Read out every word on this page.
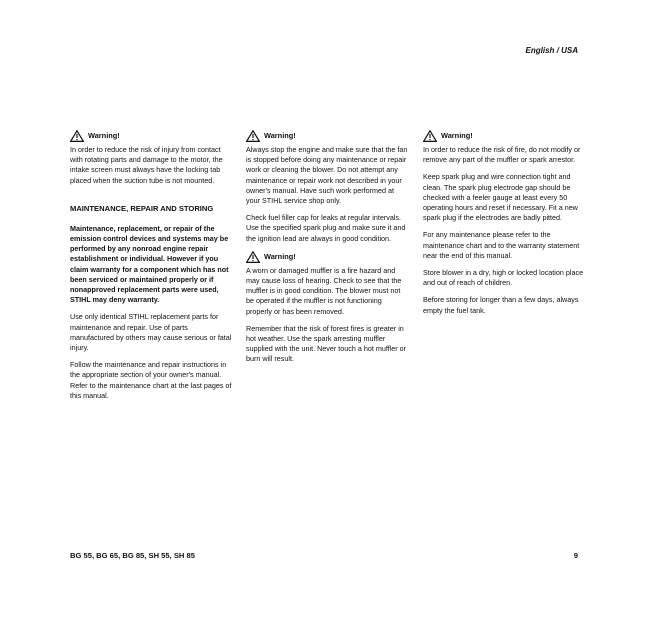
English / USA
Warning!

In order to reduce the risk of injury from contact with rotating parts and damage to the motor, the intake screen must always have the locking tab placed when the suction tube is not mounted.

MAINTENANCE, REPAIR AND STORING

Maintenance, replacement, or repair of the emission control devices and systems may be performed by any nonroad engine repair establishment or individual. However if you claim warranty for a component which has not been serviced or maintained properly or if nonapproved replacement parts were used, STIHL may deny warranty.

Use only identical STIHL replacement parts for maintenance and repair. Use of parts manufactured by others may cause serious or fatal injury.

Follow the maintenance and repair instructions in the appropriate section of your owner's manual. Refer to the maintenance chart at the last pages of this manual.

Warning!

Always stop the engine and make sure that the fan is stopped before doing any maintenance or repair work or cleaning the blower. Do not attempt any maintenance or repair work not described in your owner's manual. Have such work performed at your STIHL service shop only.

Check fuel filler cap for leaks at regular intervals. Use the specified spark plug and make sure it and the ignition lead are always in good condition.

Warning!

A worn or damaged muffler is a fire hazard and may cause loss of hearing. Check to see that the muffler is in good condition. The blower must not be operated if the muffler is not functioning properly or has been removed.

Remember that the risk of forest fires is greater in hot weather. Use the spark arresting muffler supplied with the unit. Never touch a hot muffler or burn will result.

Warning!

In order to reduce the risk of fire, do not modify or remove any part of the muffler or spark arrestor.

Keep spark plug and wire connection tight and clean. The spark plug electrode gap should be checked with a feeler gauge at least every 50 operating hours and reset if necessary. Fit a new spark plug if the electrodes are badly pitted.

For any maintenance please refer to the maintenance chart and to the warranty statement near the end of this manual.

Store blower in a dry, high or locked location place and out of reach of children.

Before storing for longer than a few days, always empty the fuel tank.

BG 55, BG 65, BG 85, SH 55, SH 85	9
